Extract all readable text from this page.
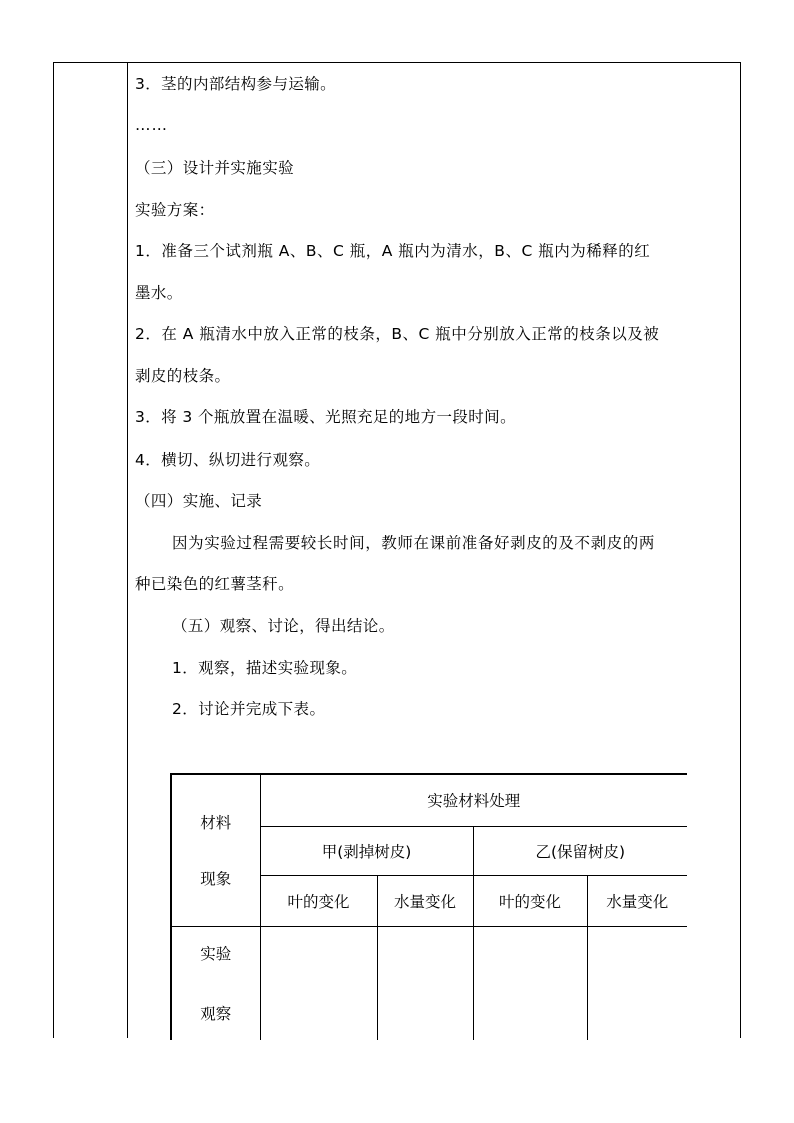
3．茎的内部结构参与运输。
……
（三）设计并实施实验
实验方案：
1．准备三个试剂瓶 A、B、C 瓶，A 瓶内为清水，B、C 瓶内为稀释的红
墨水。
2．在 A 瓶清水中放入正常的枝条，B、C 瓶中分别放入正常的枝条以及被
剥皮的枝条。
3．将 3 个瓶放置在温暖、光照充足的地方一段时间。
4．横切、纵切进行观察。
（四）实施、记录
因为实验过程需要较长时间，教师在课前准备好剥皮的及不剥皮的两
种已染色的红薯茎秆。
（五）观察、讨论，得出结论。
1．观察，描述实验现象。
2．讨论并完成下表。
材料
现象	实验材料处理			
	甲(剥掉树皮)		乙(保留树皮)	
	叶的变化	水量变化	叶的变化	水量变化

实验
观察				
